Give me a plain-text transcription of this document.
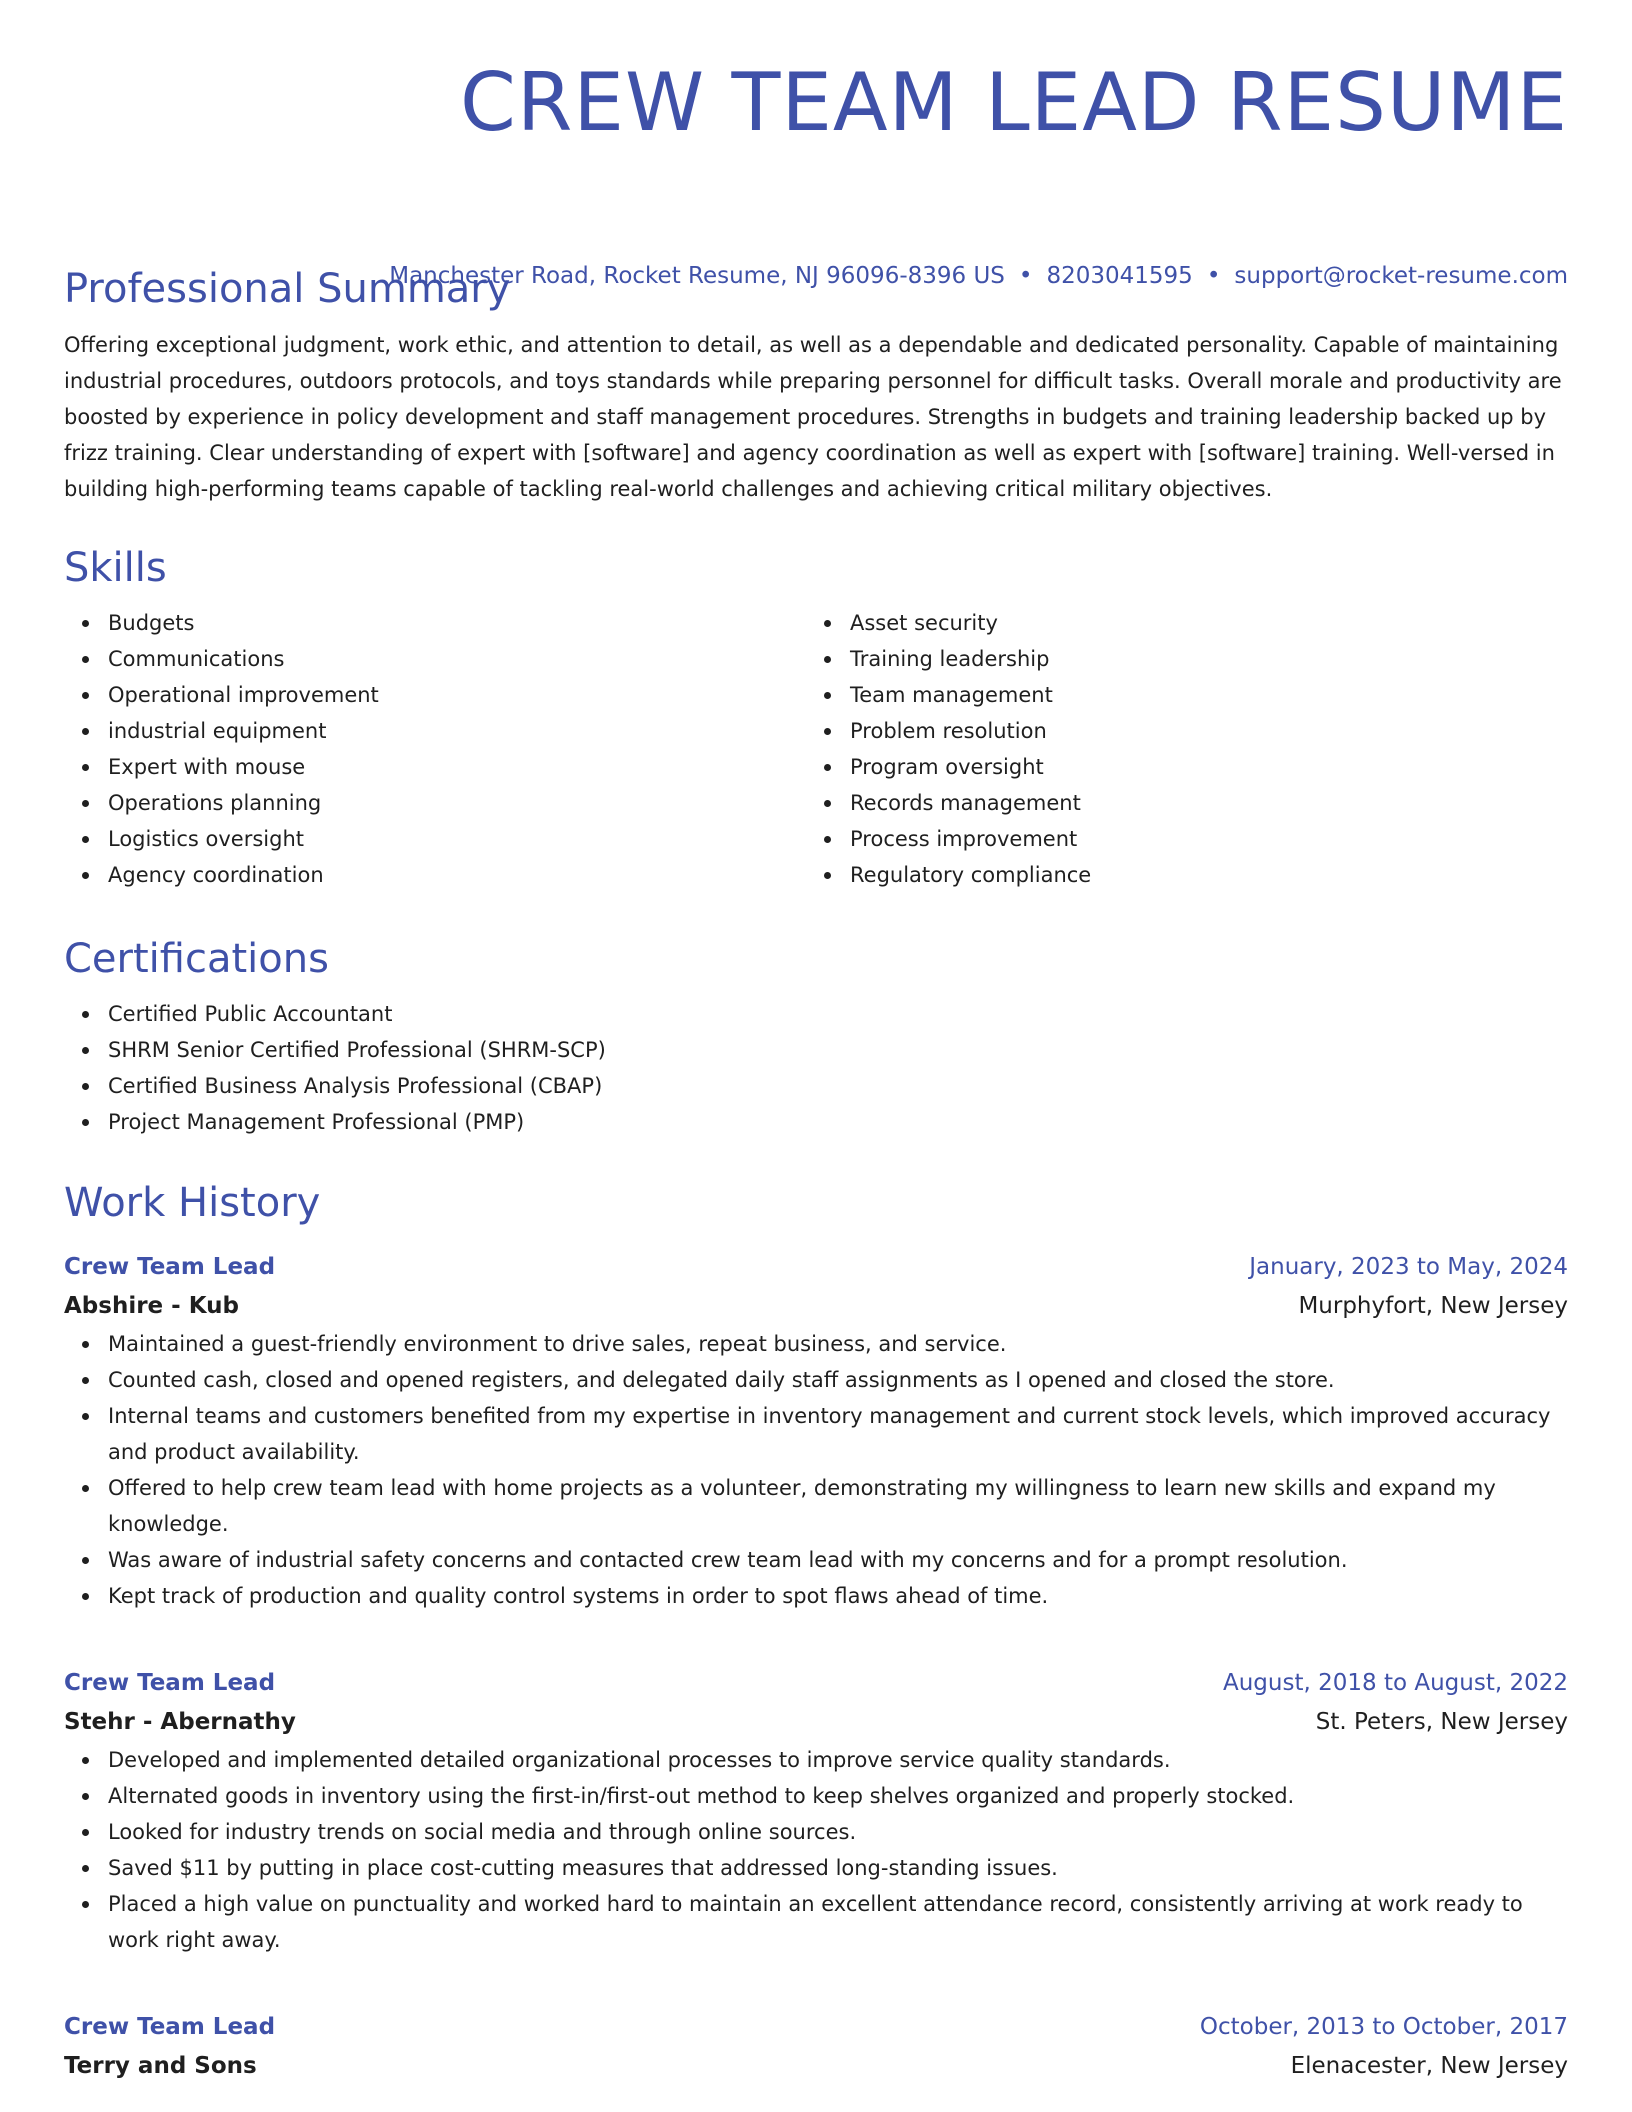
CREW TEAM LEAD RESUME
Manchester Road, Rocket Resume, NJ 96096-8396 US • 8203041595 • support@rocket-resume.com
Professional Summary

Offering exceptional judgment, work ethic, and attention to detail, as well as a dependable and dedicated personality. Capable of maintaining industrial procedures, outdoors protocols, and toys standards while preparing personnel for difficult tasks. Overall morale and productivity are boosted by experience in policy development and staff management procedures. Strengths in budgets and training leadership backed up by frizz training. Clear understanding of expert with [software] and agency coordination as well as expert with [software] training. Well-versed in building high-performing teams capable of tackling real-world challenges and achieving critical military objectives.

Skills
Budgets
Communications
Operational improvement
industrial equipment
Expert with mouse
Operations planning
Logistics oversight
Agency coordination
Asset security
Training leadership
Team management
Problem resolution
Program oversight
Records management
Process improvement
Regulatory compliance
Certifications
Certified Public Accountant
SHRM Senior Certified Professional (SHRM-SCP)
Certified Business Analysis Professional (CBAP)
Project Management Professional (PMP)
Work History
Crew Team Lead	January, 2023 to May, 2024
Abshire - Kub	Murphyfort, New Jersey
Maintained a guest-friendly environment to drive sales, repeat business, and service.
Counted cash, closed and opened registers, and delegated daily staff assignments as I opened and closed the store.
Internal teams and customers benefited from my expertise in inventory management and current stock levels, which improved accuracy and product availability.
Offered to help crew team lead with home projects as a volunteer, demonstrating my willingness to learn new skills and expand my knowledge.
Was aware of industrial safety concerns and contacted crew team lead with my concerns and for a prompt resolution.
Kept track of production and quality control systems in order to spot flaws ahead of time.
Crew Team Lead	August, 2018 to August, 2022
Stehr - Abernathy	St. Peters, New Jersey
Developed and implemented detailed organizational processes to improve service quality standards.
Alternated goods in inventory using the first-in/first-out method to keep shelves organized and properly stocked.
Looked for industry trends on social media and through online sources.
Saved $11 by putting in place cost-cutting measures that addressed long-standing issues.
Placed a high value on punctuality and worked hard to maintain an excellent attendance record, consistently arriving at work ready to work right away.
Crew Team Lead	October, 2013 to October, 2017
Terry and Sons	Elenacester, New Jersey
